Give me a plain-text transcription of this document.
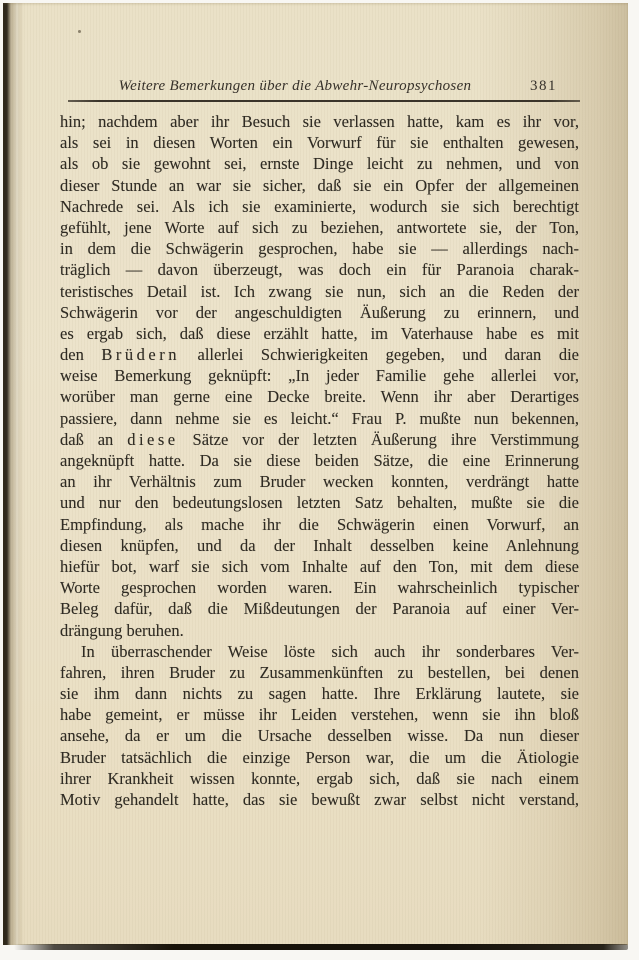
Weitere Bemerkungen über die Abwehr-Neuropsychosen	381
hin; nachdem aber ihr Besuch sie verlassen hatte, kam es ihr vor,
als sei in diesen Worten ein Vorwurf für sie enthalten gewesen,
als ob sie gewohnt sei, ernste Dinge leicht zu nehmen, und von
dieser Stunde an war sie sicher, daß sie ein Opfer der allgemeinen
Nachrede sei. Als ich sie examinierte, wodurch sie sich berechtigt
gefühlt, jene Worte auf sich zu beziehen, antwortete sie, der Ton,
in dem die Schwägerin gesprochen, habe sie — allerdings nach-
träglich — davon überzeugt, was doch ein für Paranoia charak-
teristisches Detail ist. Ich zwang sie nun, sich an die Reden der
Schwägerin vor der angeschuldigten Äußerung zu erinnern, und
es ergab sich, daß diese erzählt hatte, im Vaterhause habe es mit
den Brüdern allerlei Schwierigkeiten gegeben, und daran die
weise Bemerkung geknüpft: „In jeder Familie gehe allerlei vor,
worüber man gerne eine Decke breite. Wenn ihr aber Derartiges
passiere, dann nehme sie es leicht.“ Frau P. mußte nun bekennen,
daß an diese Sätze vor der letzten Äußerung ihre Verstimmung
angeknüpft hatte. Da sie diese beiden Sätze, die eine Erinnerung
an ihr Verhältnis zum Bruder wecken konnten, verdrängt hatte
und nur den bedeutungslosen letzten Satz behalten, mußte sie die
Empfindung, als mache ihr die Schwägerin einen Vorwurf, an
diesen knüpfen, und da der Inhalt desselben keine Anlehnung
hiefür bot, warf sie sich vom Inhalte auf den Ton, mit dem diese
Worte gesprochen worden waren. Ein wahrscheinlich typischer
Beleg dafür, daß die Mißdeutungen der Paranoia auf einer Ver-
drängung beruhen.
In überraschender Weise löste sich auch ihr sonderbares Ver-
fahren, ihren Bruder zu Zusammenkünften zu bestellen, bei denen
sie ihm dann nichts zu sagen hatte. Ihre Erklärung lautete, sie
habe gemeint, er müsse ihr Leiden verstehen, wenn sie ihn bloß
ansehe, da er um die Ursache desselben wisse. Da nun dieser
Bruder tatsächlich die einzige Person war, die um die Ätiologie
ihrer Krankheit wissen konnte, ergab sich, daß sie nach einem
Motiv gehandelt hatte, das sie bewußt zwar selbst nicht verstand,
